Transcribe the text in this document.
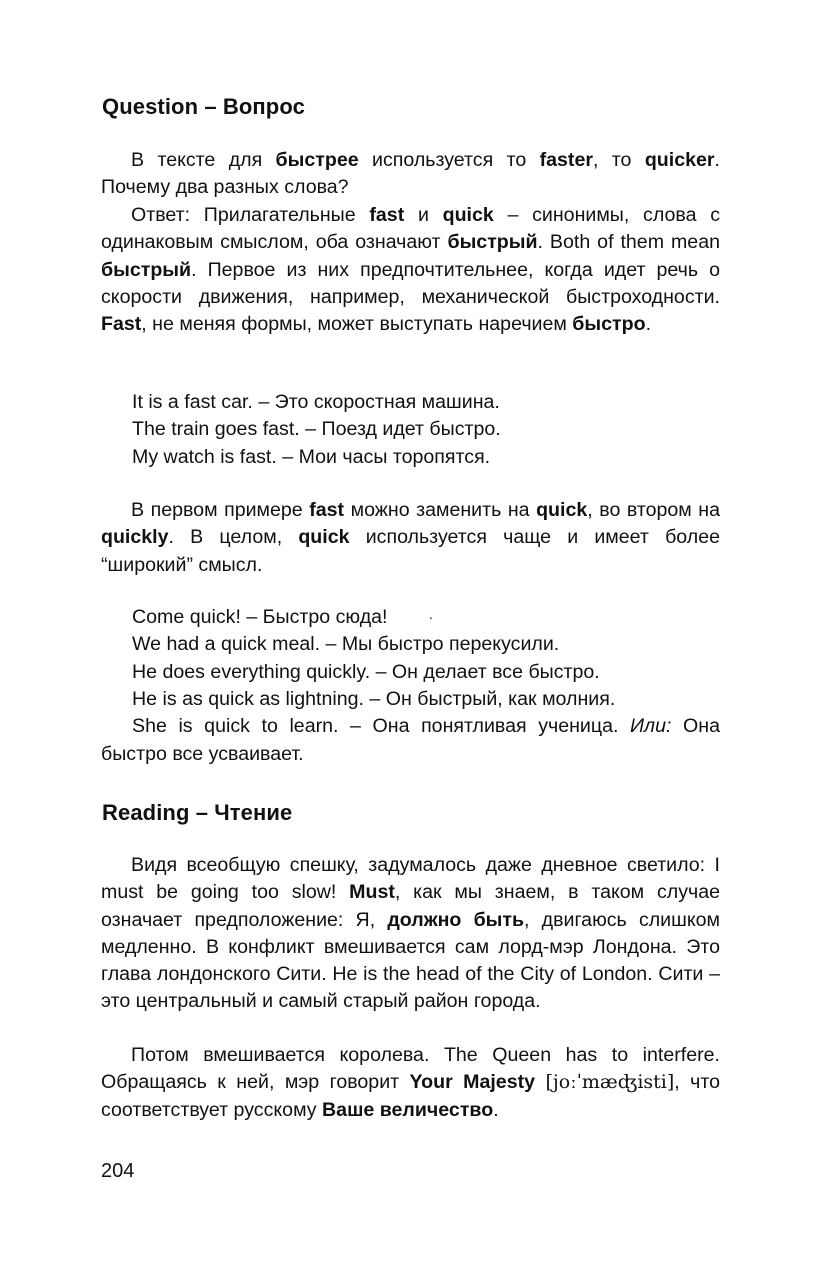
Question – Вопрос

В тексте для быстрее используется то faster, то quicker. Почему два разных слова?

Ответ: Прилагательные fast и quick – синонимы, слова с одинаковым смыслом, оба означают быстрый. Both of them mean быстрый. Первое из них предпочтительнее, когда идет речь о скорости движения, например, механической быстроходности. Fast, не меняя формы, может выступать наречием быстро.

It is a fast car. – Это скоростная машина.
The train goes fast. – Поезд идет быстро.
My watch is fast. – Мои часы торопятся.

В первом примере fast можно заменить на quick, во втором на quickly. В целом, quick используется чаще и имеет более “широкий” смысл.

Come quick! – Быстро сюда!	·
We had a quick meal. – Мы быстро перекусили.
He does everything quickly. – Он делает все быстро.
He is as quick as lightning. – Он быстрый, как молния.
She is quick to learn. – Она понятливая ученица. Или: Она быстро все усваивает.
Reading – Чтение

Видя всеобщую спешку, задумалось даже дневное светило: I must be going too slow! Must, как мы знаем, в таком случае означает предположение: Я, должно быть, двигаюсь слишком медленно. В конфликт вмешивается сам лорд-мэр Лондона. Это глава лондонского Сити. He is the head of the City of London. Сити – это центральный и самый старый район города.

Потом вмешивается королева. The Queen has to interfere. Обращаясь к ней, мэр говорит Your Majesty [joːˈmæʤisti], что соответствует русскому Ваше величество.

204
